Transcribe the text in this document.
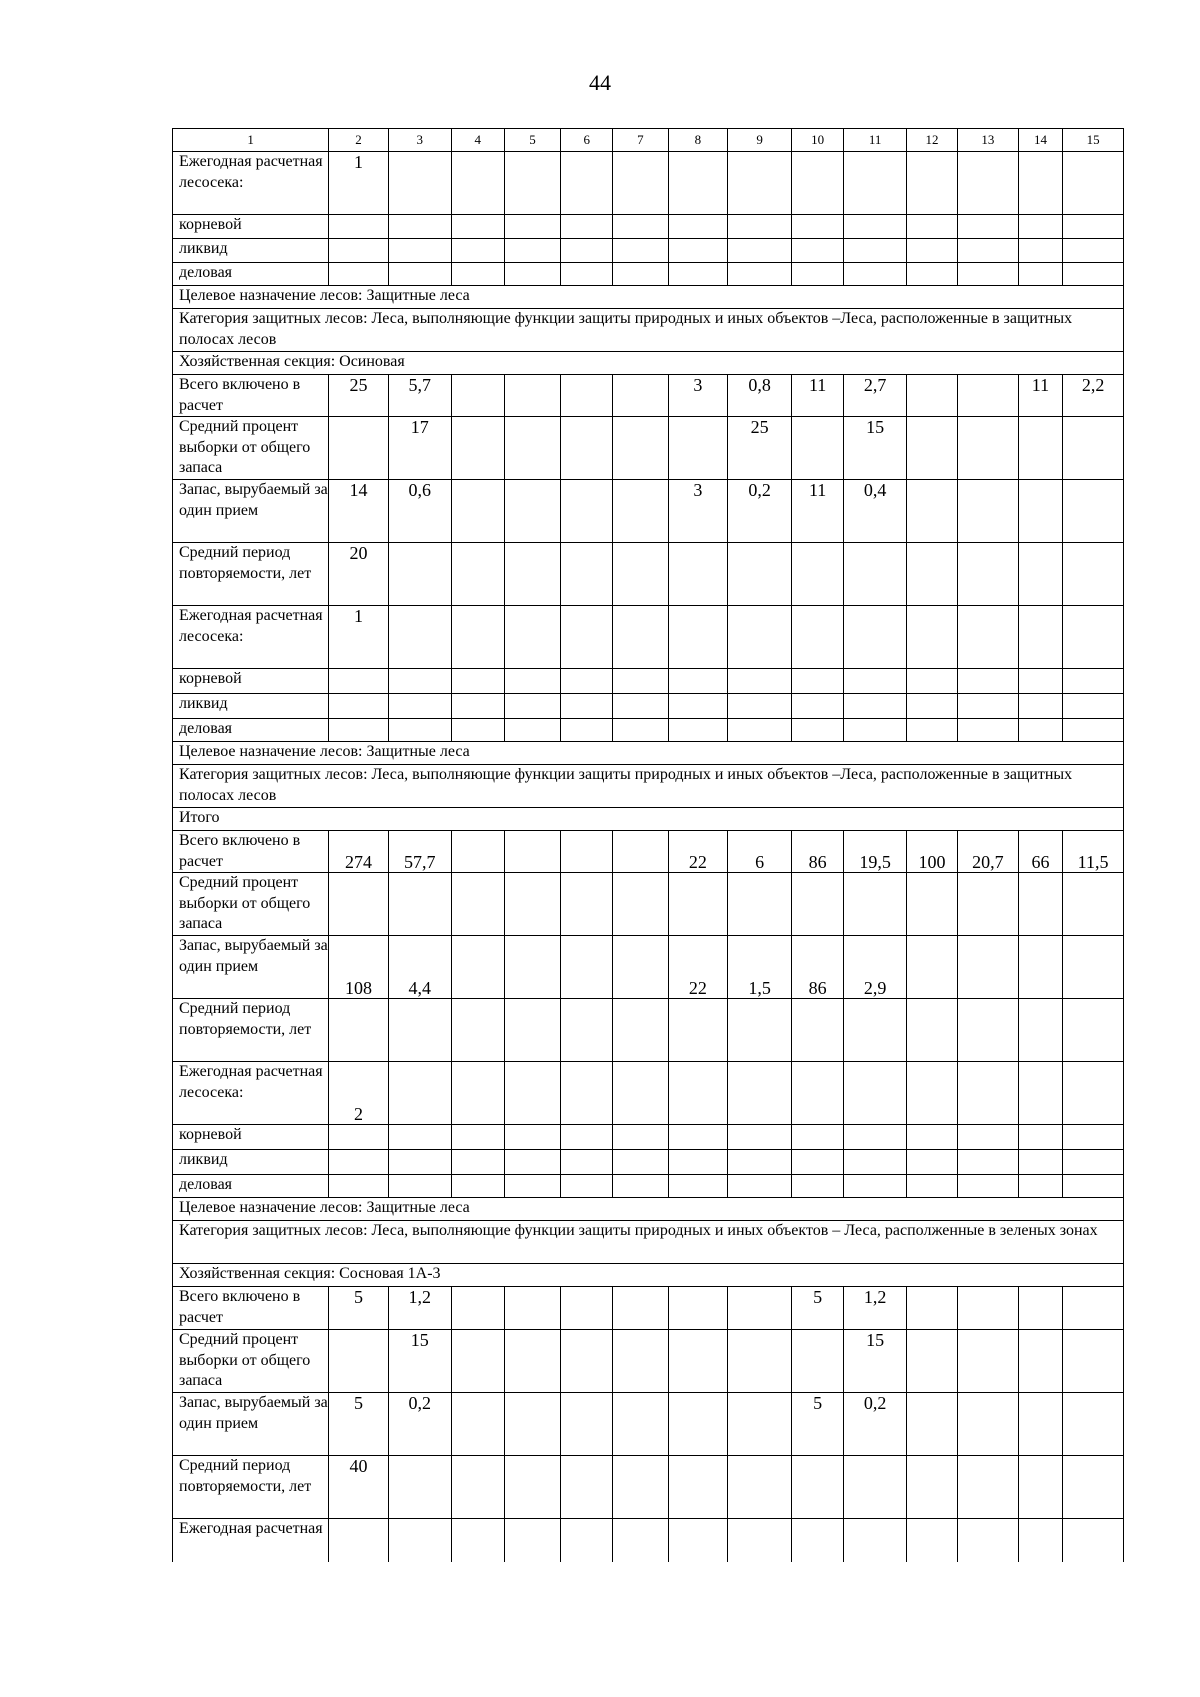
44
1	2	3	4	5	6	7	8	9	10	11	12	13	14	15
Ежегодная расчетная лесосека:	1													
корневой														
ликвид														
деловая														
Целевое назначение лесов: Защитные леса														
Категория защитных лесов: Леса, выполняющие функции защиты природных и иных объектов –Леса, расположенные в защитных полосах лесов														
Хозяйственная секция: Осиновая														
Всего включено в расчет	25	5,7					3	0,8	11	2,7			11	2,2
Средний процент выборки от общего запаса		17						25		15				
Запас, вырубаемый за один прием	14	0,6					3	0,2	11	0,4				
Средний период повторяемости, лет	20													
Ежегодная расчетная лесосека:	1													
корневой														
ликвид														
деловая														
Целевое назначение лесов: Защитные леса														
Категория защитных лесов: Леса, выполняющие функции защиты природных и иных объектов –Леса, расположенные в защитных полосах лесов														
Итого														
Всего включено в расчет	274	57,7					22	6	86	19,5	100	20,7	66	11,5
Средний процент выборки от общего запаса														
Запас, вырубаемый за один прием	108	4,4					22	1,5	86	2,9				
Средний период повторяемости, лет														
Ежегодная расчетная лесосека:	2													
корневой														
ликвид														
деловая														
Целевое назначение лесов: Защитные леса														
Категория защитных лесов: Леса, выполняющие функции защиты природных и иных объектов – Леса, располженные в зеленых зонах														
Хозяйственная секция: Сосновая 1А-3														
Всего включено в расчет	5	1,2							5	1,2				
Средний процент выборки от общего запаса		15								15				
Запас, вырубаемый за один прием	5	0,2							5	0,2				
Средний период повторяемости, лет	40													
Ежегодная расчетная														
